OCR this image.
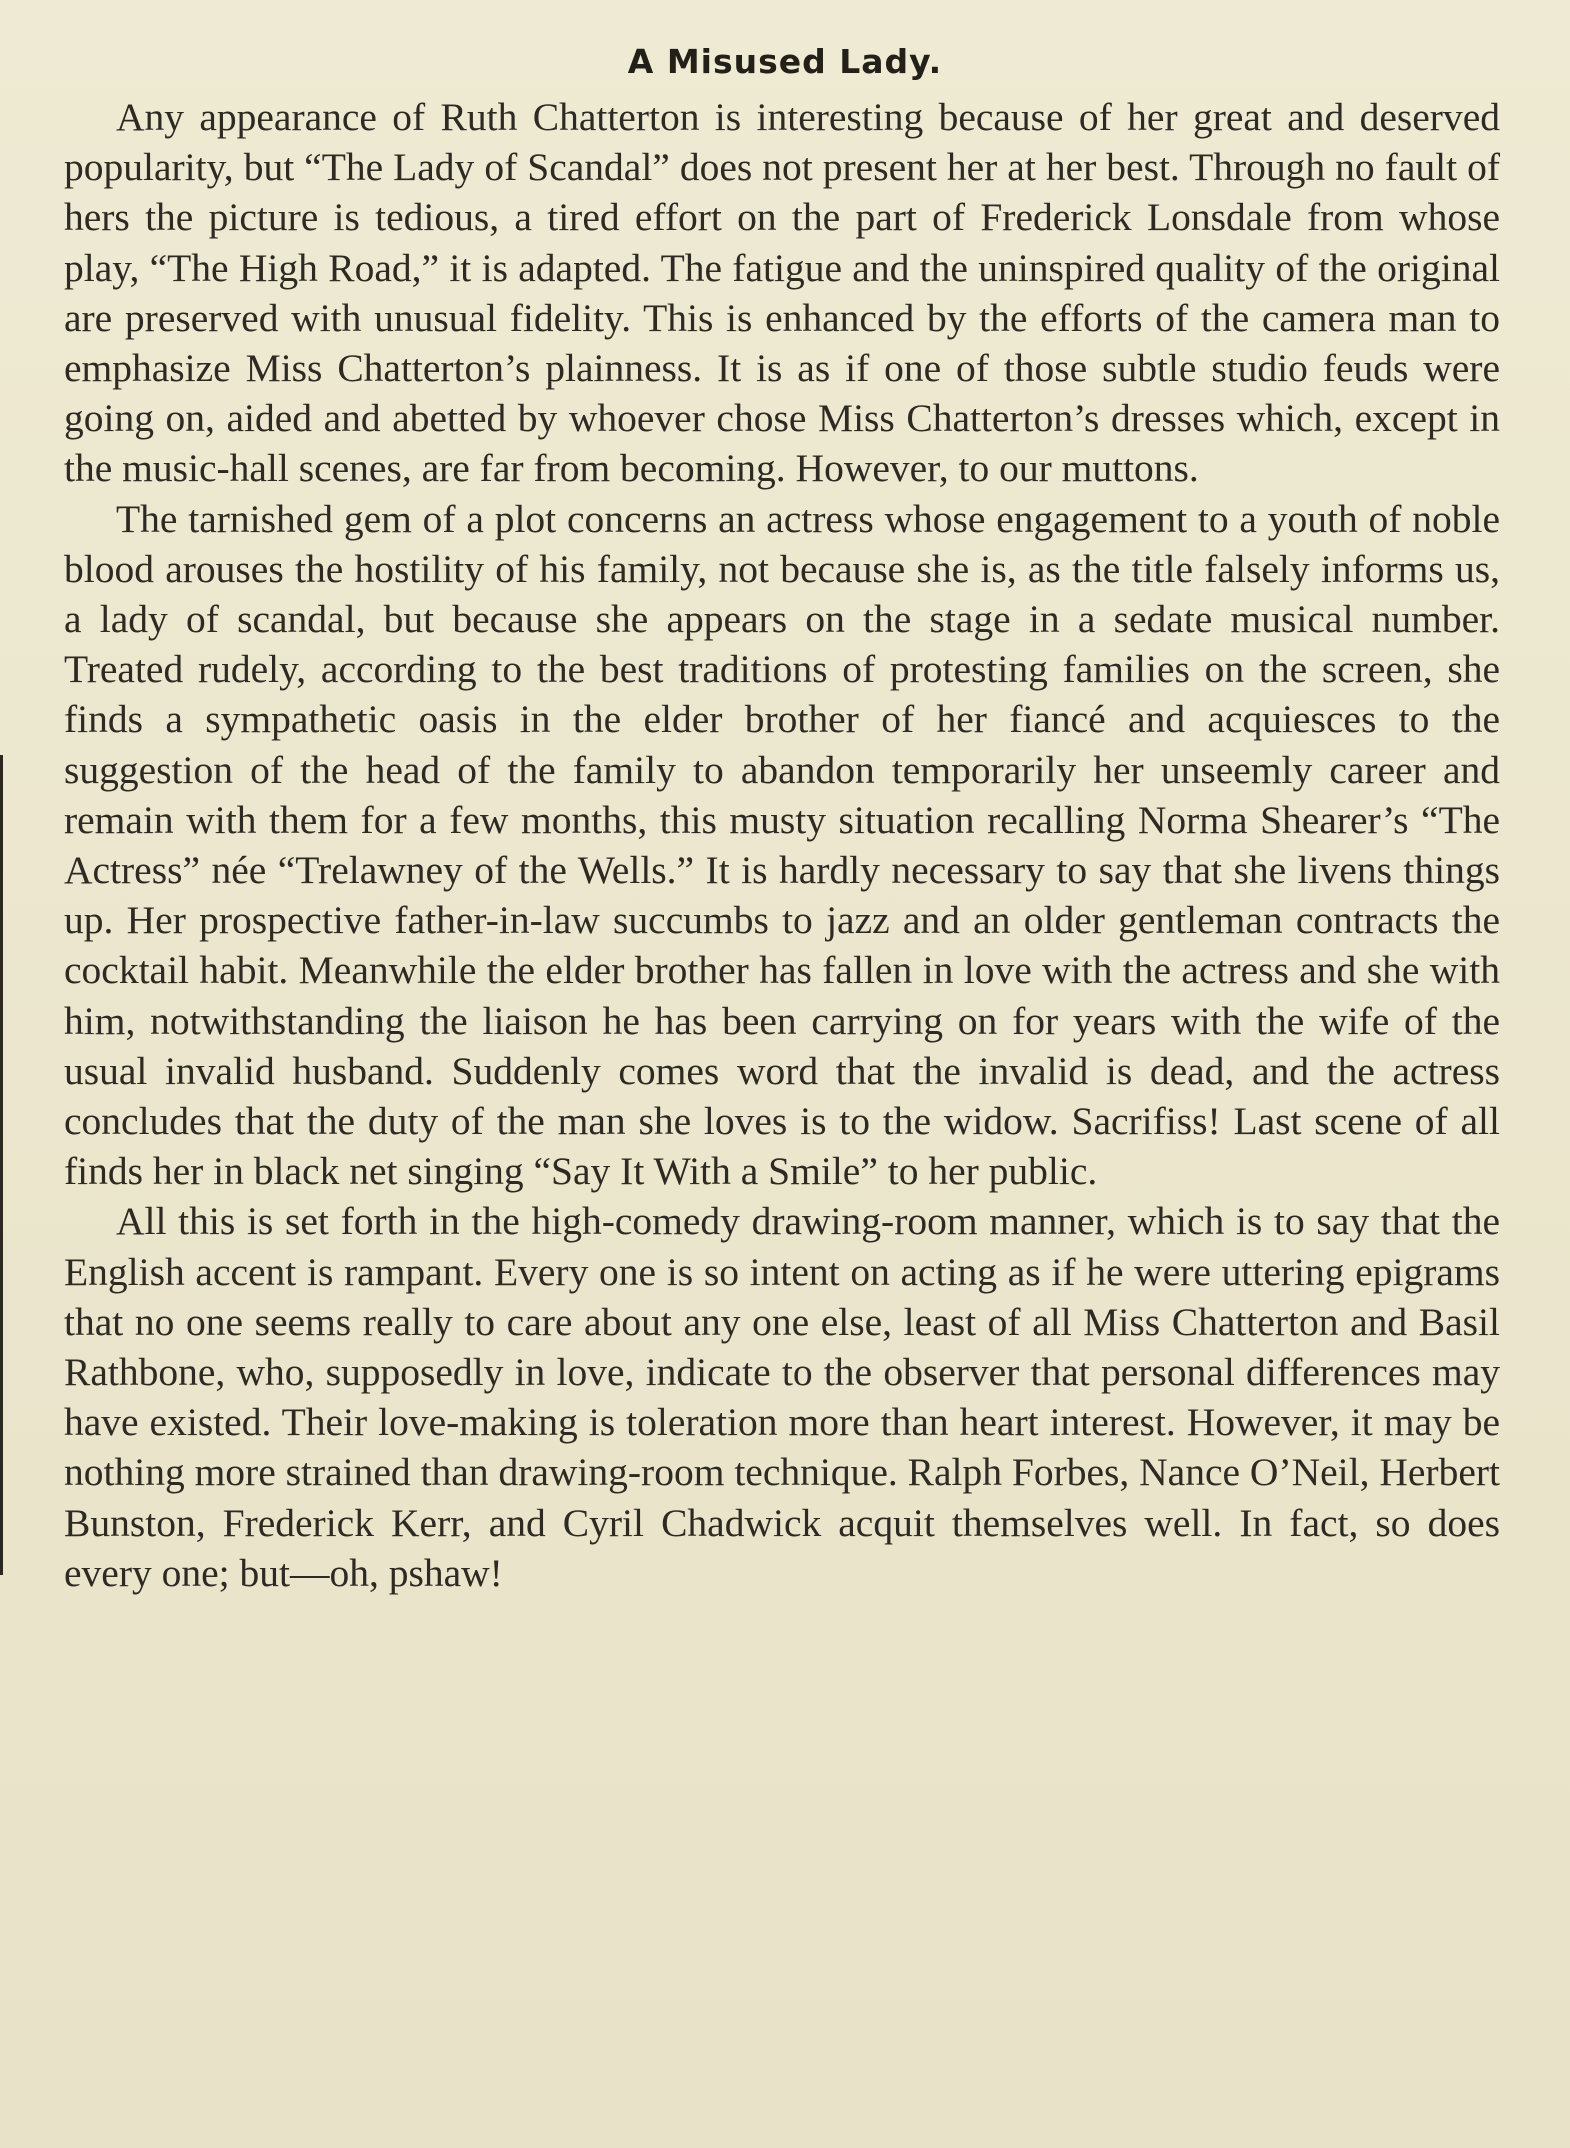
A Misused Lady.

Any appearance of Ruth Chatterton is interesting because of her great and deserved popularity, but “The Lady of Scandal” does not present her at her best. Through no fault of hers the picture is tedious, a tired effort on the part of Frederick Lonsdale from whose play, “The High Road,” it is adapted. The fatigue and the uninspired quality of the original are preserved with unusual fidelity. This is enhanced by the efforts of the camera man to emphasize Miss Chatterton’s plainness. It is as if one of those subtle studio feuds were going on, aided and abetted by whoever chose Miss Chatterton’s dresses which, except in the music-hall scenes, are far from becoming. However, to our muttons.

The tarnished gem of a plot concerns an actress whose engagement to a youth of noble blood arouses the hostility of his family, not because she is, as the title falsely informs us, a lady of scandal, but because she appears on the stage in a sedate musical number. Treated rudely, according to the best traditions of protesting families on the screen, she finds a sympathetic oasis in the elder brother of her fiancé and acquiesces to the suggestion of the head of the family to abandon temporarily her unseemly career and remain with them for a few months, this musty situation recalling Norma Shearer’s “The Actress” née “Trelawney of the Wells.” It is hardly necessary to say that she livens things up. Her prospective father-in-law succumbs to jazz and an older gentleman contracts the cocktail habit. Meanwhile the elder brother has fallen in love with the actress and she with him, notwithstanding the liaison he has been carrying on for years with the wife of the usual invalid husband. Suddenly comes word that the invalid is dead, and the actress concludes that the duty of the man she loves is to the widow. Sacrifiss! Last scene of all finds her in black net singing “Say It With a Smile” to her public.

All this is set forth in the high-comedy drawing-room manner, which is to say that the English accent is rampant. Every one is so intent on acting as if he were uttering epigrams that no one seems really to care about any one else, least of all Miss Chatterton and Basil Rathbone, who, supposedly in love, indicate to the observer that personal differences may have existed. Their love-making is toleration more than heart interest. However, it may be nothing more strained than drawing-room technique. Ralph Forbes, Nance O’Neil, Herbert Bunston, Frederick Kerr, and Cyril Chadwick acquit themselves well. In fact, so does every one; but—oh, pshaw!
